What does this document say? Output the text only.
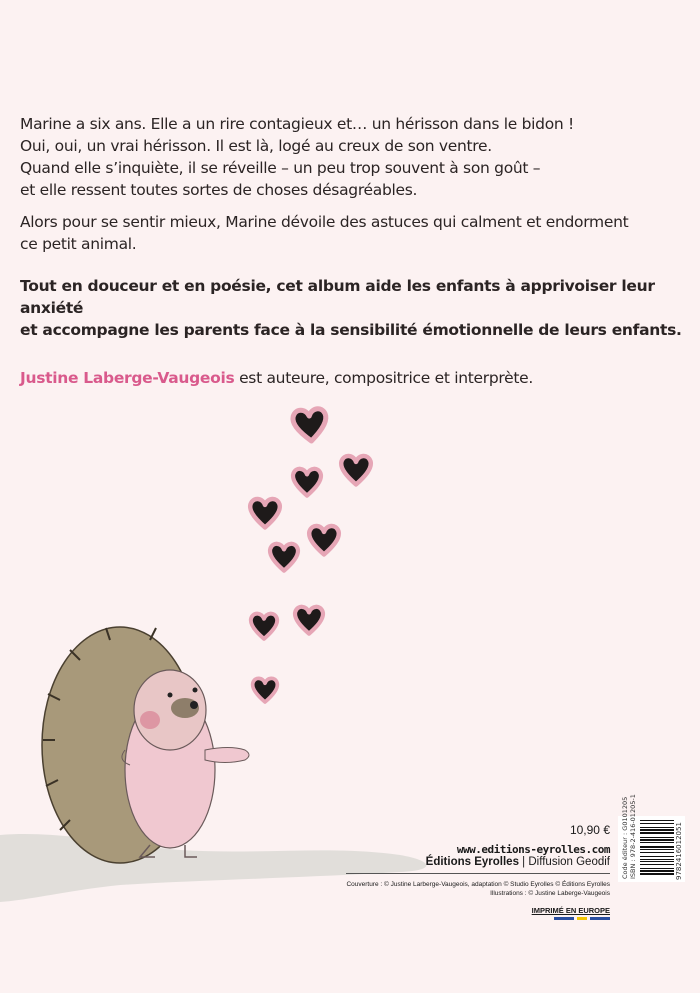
Marine a six ans. Elle a un rire contagieux et… un hérisson dans le bidon !
Oui, oui, un vrai hérisson. Il est là, logé au creux de son ventre.
Quand elle s’inquiète, il se réveille – un peu trop souvent à son goût –
et elle ressent toutes sortes de choses désagréables.

Alors pour se sentir mieux, Marine dévoile des astuces qui calment et endorment
ce petit animal.

Tout en douceur et en poésie, cet album aide les enfants à apprivoiser leur anxiété
et accompagne les parents face à la sensibilité émotionnelle de leurs enfants.

Justine Laberge-Vaugeois est auteure, compositrice et interprète.

10,90 €
www.editions-eyrolles.com
Éditions Eyrolles | Diffusion Geodif
Couverture : © Justine Larberge-Vaugeois, adaptation © Studio Eyrolles © Éditions Eyrolles
Illustrations : © Justine Laberge-Vaugeois
IMPRIMÉ EN EUROPE
Code éditeur : G0101205 ISBN : 978-2-416-01205-1	9782416012051
